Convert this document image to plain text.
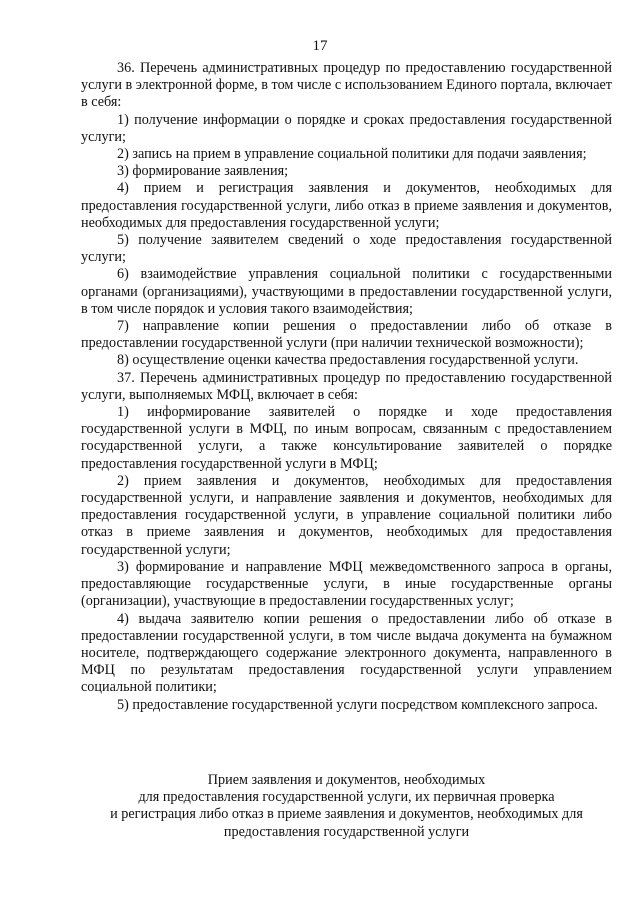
17

36. Перечень административных процедур по предоставлению государственной услуги в электронной форме, в том числе с использованием Единого портала, включает в себя:

1) получение информации о порядке и сроках предоставления государственной услуги;

2) запись на прием в управление социальной политики для подачи заявления;

3) формирование заявления;

4) прием и регистрация заявления и документов, необходимых для предоставления государственной услуги, либо отказ в приеме заявления и документов, необходимых для предоставления государственной услуги;

5) получение заявителем сведений о ходе предоставления государственной услуги;

6) взаимодействие управления социальной политики с государственными органами (организациями), участвующими в предоставлении государственной услуги, в том числе порядок и условия такого взаимодействия;

7) направление копии решения о предоставлении либо об отказе в предоставлении государственной услуги (при наличии технической возможности);

8) осуществление оценки качества предоставления государственной услуги.

37. Перечень административных процедур по предоставлению государственной услуги, выполняемых МФЦ, включает в себя:

1) информирование заявителей о порядке и ходе предоставления государственной услуги в МФЦ, по иным вопросам, связанным с предоставлением государственной услуги, а также консультирование заявителей о порядке предоставления государственной услуги в МФЦ;

2) прием заявления и документов, необходимых для предоставления государственной услуги, и направление заявления и документов, необходимых для предоставления государственной услуги, в управление социальной политики либо отказ в приеме заявления и документов, необходимых для предоставления государственной услуги;

3) формирование и направление МФЦ межведомственного запроса в органы, предоставляющие государственные услуги, в иные государственные органы (организации), участвующие в предоставлении государственных услуг;

4) выдача заявителю копии решения о предоставлении либо об отказе в предоставлении государственной услуги, в том числе выдача документа на бумажном носителе, подтверждающего содержание электронного документа, направленного в МФЦ по результатам предоставления государственной услуги управлением социальной политики;

5) предоставление государственной услуги посредством комплексного запроса.

Прием заявления и документов, необходимых
для предоставления государственной услуги, их первичная проверка
и регистрация либо отказ в приеме заявления и документов, необходимых для
предоставления государственной услуги
